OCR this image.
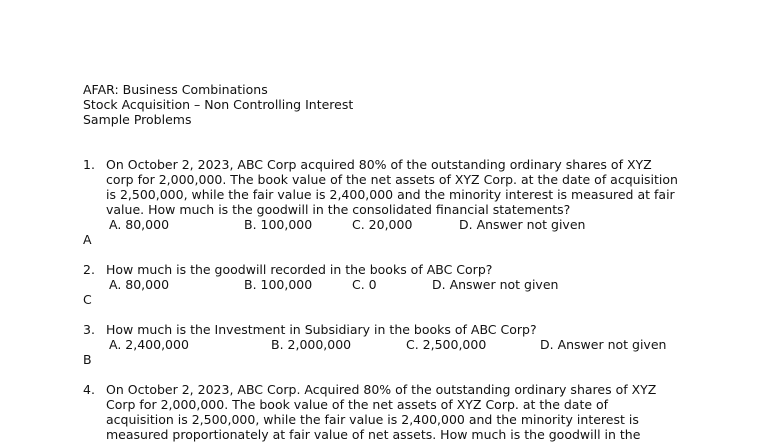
AFAR: Business Combinations
Stock Acquisition – Non Controlling Interest
Sample Problems
1. On October 2, 2023, ABC Corp acquired 80% of the outstanding ordinary shares of XYZ
corp for 2,000,000. The book value of the net assets of XYZ Corp. at the date of acquisition
is 2,500,000, while the fair value is 2,400,000 and the minority interest is measured at fair
value. How much is the goodwill in the consolidated financial statements?
A. 80,000	B. 100,000	C. 20,000	D. Answer not given
A
2. How much is the goodwill recorded in the books of ABC Corp?
A. 80,000	B. 100,000	C. 0	D. Answer not given
C
3. How much is the Investment in Subsidiary in the books of ABC Corp?
A. 2,400,000	B. 2,000,000	C. 2,500,000	D. Answer not given
B
4. On October 2, 2023, ABC Corp. Acquired 80% of the outstanding ordinary shares of XYZ
Corp for 2,000,000. The book value of the net assets of XYZ Corp. at the date of
acquisition is 2,500,000, while the fair value is 2,400,000 and the minority interest is
measured proportionately at fair value of net assets. How much is the goodwill in the
